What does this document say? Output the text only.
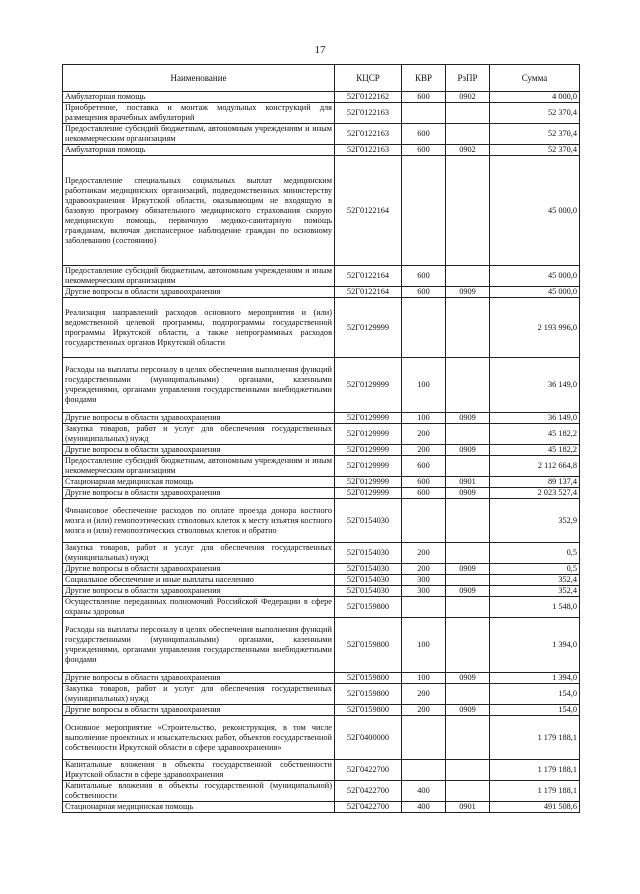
17
Наименование	КЦСР	КВР	РзПР	Сумма
Амбулаторная помощь	52Г0122162	600	0902	4 000,0
Приобретение, поставка и монтаж модульных конструкций для размещения врачебных амбулаторий	52Г0122163			52 370,4
Предоставление субсидий бюджетным, автономным учреждениям и иным некоммерческим организациям	52Г0122163	600		52 370,4
Амбулаторная помощь	52Г0122163	600	0902	52 370,4
Предоставление специальных социальных выплат медицинским работникам медицинских организаций, подведомственных министерству здравоохранения Иркутской области, оказывающим не входящую в базовую программу обязательного медицинского страхования скорую медицинскую помощь, первичную медико-санитарную помощь гражданам, включая диспансерное наблюдение граждан по основному заболеванию (состоянию)	52Г0122164			45 000,0
Предоставление субсидий бюджетным, автономным учреждениям и иным некоммерческим организациям	52Г0122164	600		45 000,0
Другие вопросы в области здравоохранения	52Г0122164	600	0909	45 000,0
Реализация направлений расходов основного мероприятия и (или) ведомственной целевой программы, подпрограммы государственной программы Иркутской области, а также непрограммных расходов государственных органов Иркутской области	52Г0129999			2 193 996,0
Расходы на выплаты персоналу в целях обеспечения выполнения функций государственными (муниципальными) органами, казенными учреждениями, органами управления государственными внебюджетными фондами	52Г0129999	100		36 149,0
Другие вопросы в области здравоохранения	52Г0129999	100	0909	36 149,0
Закупка товаров, работ и услуг для обеспечения государственных (муниципальных) нужд	52Г0129999	200		45 182,2
Другие вопросы в области здравоохранения	52Г0129999	200	0909	45 182,2
Предоставление субсидий бюджетным, автономным учреждениям и иным некоммерческим организациям	52Г0129999	600		2 112 664,8
Стационарная медицинская помощь	52Г0129999	600	0901	89 137,4
Другие вопросы в области здравоохранения	52Г0129999	600	0909	2 023 527,4
Финансовое обеспечение расходов по оплате проезда донора костного мозга и (или) гемопоэтических стволовых клеток к месту изъятия костного мозга и (или) гемопоэтических стволовых клеток и обратно	52Г0154030			352,9
Закупка товаров, работ и услуг для обеспечения государственных (муниципальных) нужд	52Г0154030	200		0,5
Другие вопросы в области здравоохранения	52Г0154030	200	0909	0,5
Социальное обеспечение и иные выплаты населению	52Г0154030	300		352,4
Другие вопросы в области здравоохранения	52Г0154030	300	0909	352,4
Осуществление переданных полномочий Российской Федерации в сфере охраны здоровья	52Г0159800			1 548,0
Расходы на выплаты персоналу в целях обеспечения выполнения функций государственными (муниципальными) органами, казенными учреждениями, органами управления государственными внебюджетными фондами	52Г0159800	100		1 394,0
Другие вопросы в области здравоохранения	52Г0159800	100	0909	1 394,0
Закупка товаров, работ и услуг для обеспечения государственных (муниципальных) нужд	52Г0159800	200		154,0
Другие вопросы в области здравоохранения	52Г0159800	200	0909	154,0
Основное мероприятие «Строительство, реконструкция, в том числе выполнение проектных и изыскательских работ, объектов государственной собственности Иркутской области в сфере здравоохранения»	52Г0400000			1 179 188,1
Капитальные вложения в объекты государственной собственности Иркутской области в сфере здравоохранения	52Г0422700			1 179 188,1
Капитальные вложения в объекты государственной (муниципальной) собственности	52Г0422700	400		1 179 188,1
Стационарная медицинская помощь	52Г0422700	400	0901	491 508,6
